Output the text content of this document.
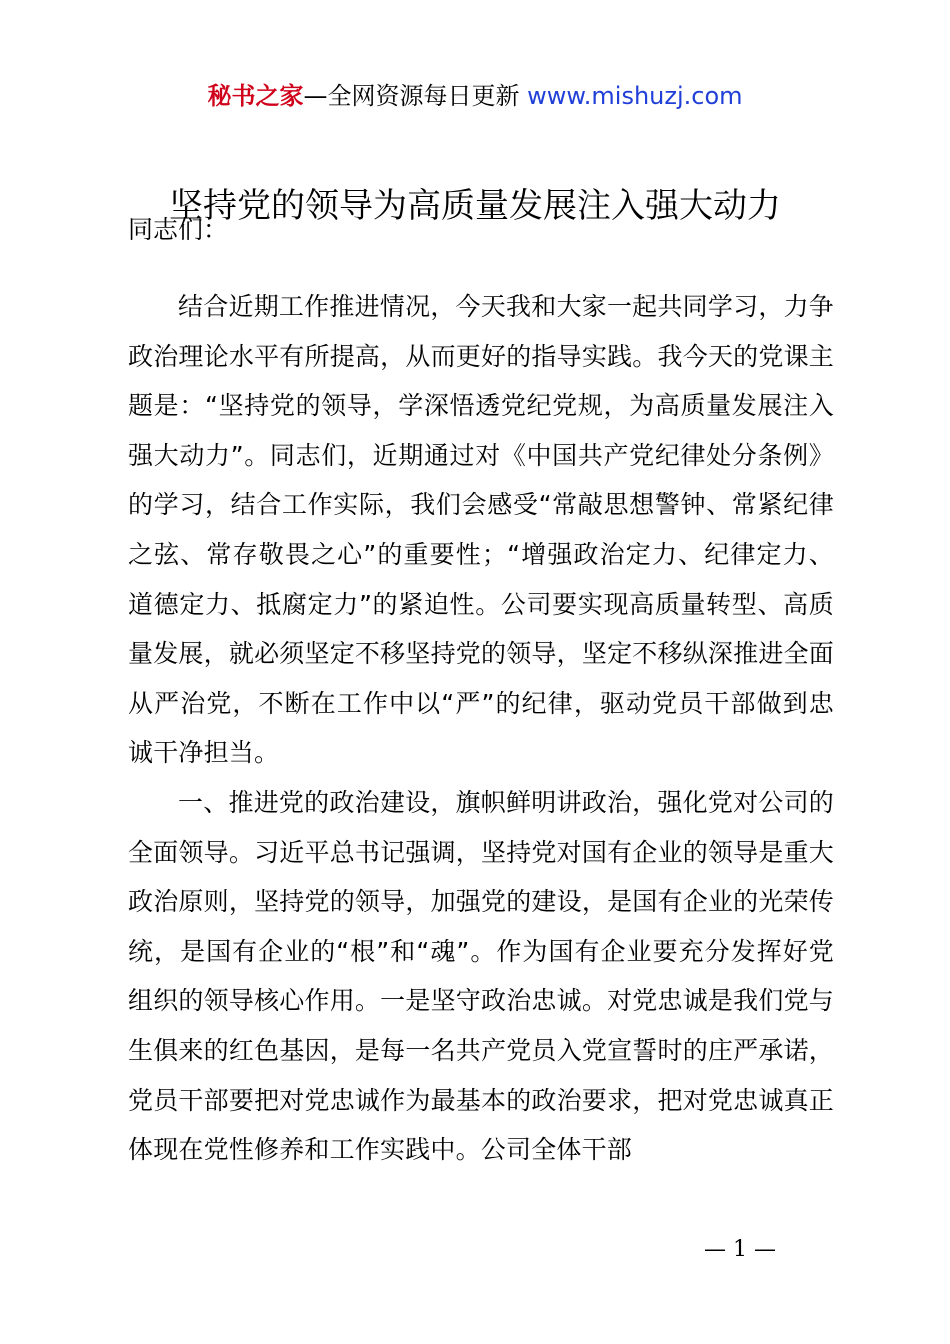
秘书之家—全网资源每日更新 www.mishuzj.com
坚持党的领导为高质量发展注入强大动力
同志们：

结合近期工作推进情况，今天我和大家一起共同学习，力争政治理论水平有所提高，从而更好的指导实践。我今天的党课主题是：“坚持党的领导，学深悟透党纪党规，为高质量发展注入强大动力”。同志们，近期通过对《中国共产党纪律处分条例》的学习，结合工作实际，我们会感受“常敲思想警钟、常紧纪律之弦、常存敬畏之心”的重要性；“增强政治定力、纪律定力、道德定力、抵腐定力”的紧迫性。公司要实现高质量转型、高质量发展，就必须坚定不移坚持党的领导，坚定不移纵深推进全面从严治党，不断在工作中以“严”的纪律，驱动党员干部做到忠诚干净担当。

一、推进党的政治建设，旗帜鲜明讲政治，强化党对公司的全面领导。习近平总书记强调，坚持党对国有企业的领导是重大政治原则，坚持党的领导，加强党的建设，是国有企业的光荣传统，是国有企业的“根”和“魂”。作为国有企业要充分发挥好党组织的领导核心作用。一是坚守政治忠诚。对党忠诚是我们党与生俱来的红色基因，是每一名共产党员入党宣誓时的庄严承诺，党员干部要把对党忠诚作为最基本的政治要求，把对党忠诚真正体现在党性修养和工作实践中。公司全体干部

— 1 —
